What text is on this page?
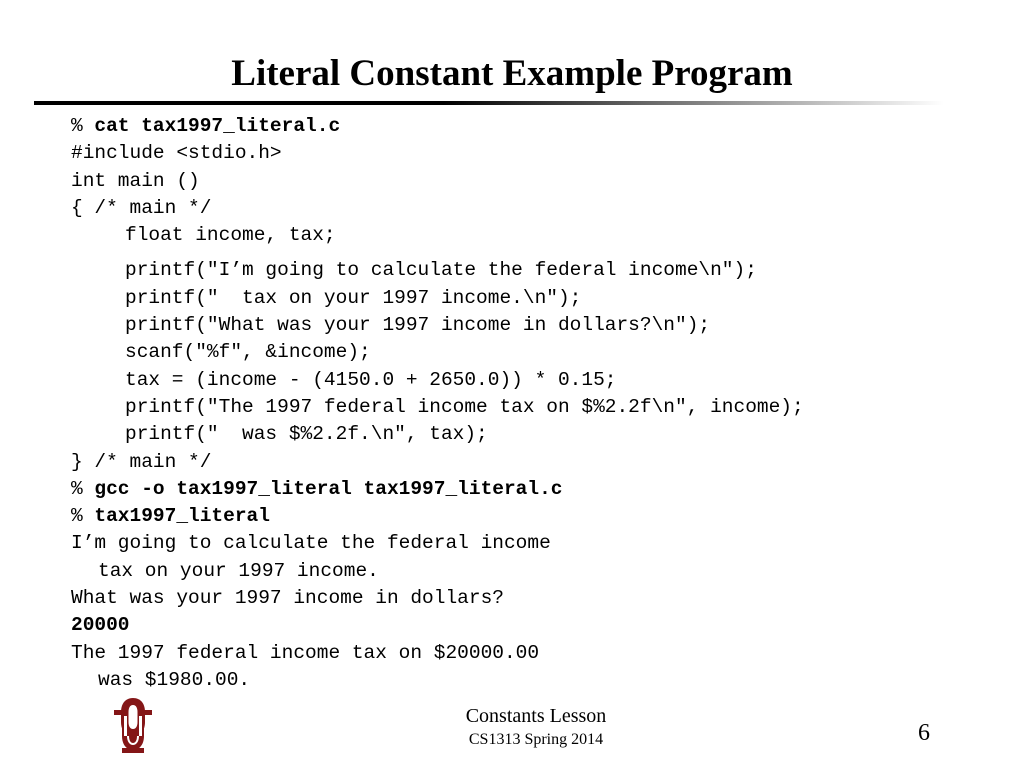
Literal Constant Example Program
% cat tax1997_literal.c
#include <stdio.h>
int main ()
{ /* main */
float income, tax;
printf("I’m going to calculate the federal income\n");
printf("  tax on your 1997 income.\n");
printf("What was your 1997 income in dollars?\n");
scanf("%f", &income);
tax = (income - (4150.0 + 2650.0)) * 0.15;
printf("The 1997 federal income tax on $%2.2f\n", income);
printf("  was $%2.2f.\n", tax);
} /* main */
% gcc -o tax1997_literal tax1997_literal.c
% tax1997_literal
I’m going to calculate the federal income
tax on your 1997 income.
What was your 1997 income in dollars?
20000
The 1997 federal income tax on $20000.00
was $1980.00.
Constants Lesson
CS1313 Spring 2014	6
